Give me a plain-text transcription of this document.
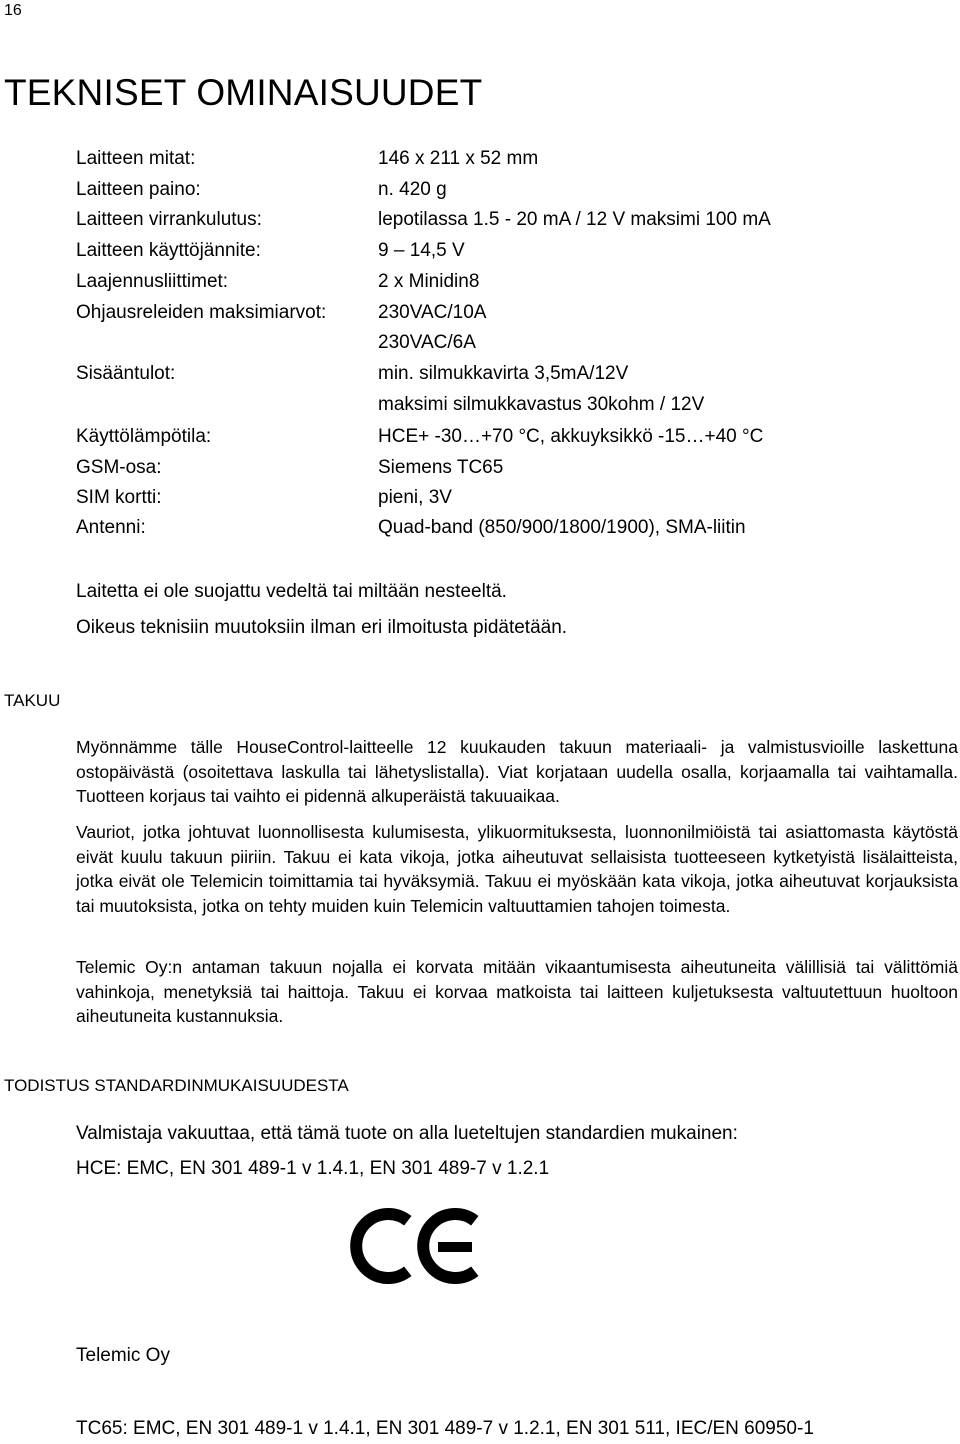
16
TEKNISET OMINAISUUDET
Laitteen mitat:	146 x 211 x 52 mm
Laitteen paino:	n. 420 g
Laitteen virrankulutus:	lepotilassa 1.5 - 20 mA / 12 V maksimi 100 mA
Laitteen käyttöjännite:	9 – 14,5 V
Laajennusliittimet:	2 x Minidin8
Ohjausreleiden maksimiarvot:	230VAC/10A
230VAC/6A
Sisääntulot:	min. silmukkavirta 3,5mA/12V
maksimi silmukkavastus 30kohm / 12V
Käyttölämpötila:	HCE+ -30…+70 °C, akkuyksikkö -15…+40 °C
GSM-osa:	Siemens TC65
SIM kortti:	pieni, 3V
Antenni:	Quad-band (850/900/1800/1900), SMA-liitin

Laitetta ei ole suojattu vedeltä tai miltään nesteeltä.

Oikeus teknisiin muutoksiin ilman eri ilmoitusta pidätetään.

TAKUU

Myönnämme tälle HouseControl-laitteelle 12 kuukauden takuun materiaali- ja valmistusvioille laskettuna ostopäivästä (osoitettava laskulla tai lähetyslistalla). Viat korjataan uudella osalla, korjaamalla tai vaihtamalla. Tuotteen korjaus tai vaihto ei pidennä alkuperäistä takuuaikaa.

Vauriot, jotka johtuvat luonnollisesta kulumisesta, ylikuormituksesta, luonnonilmiöistä tai asiattomasta käytöstä eivät kuulu takuun piiriin. Takuu ei kata vikoja, jotka aiheutuvat sellaisista tuotteeseen kytketyistä lisälaitteista, jotka eivät ole Telemicin toimittamia tai hyväksymiä. Takuu ei myöskään kata vikoja, jotka aiheutuvat korjauksista tai muutoksista, jotka on tehty muiden kuin Telemicin valtuuttamien tahojen toimesta.

Telemic Oy:n antaman takuun nojalla ei korvata mitään vikaantumisesta aiheutuneita välillisiä tai välittömiä vahinkoja, menetyksiä tai haittoja. Takuu ei korvaa matkoista tai laitteen kuljetuksesta valtuutettuun huoltoon aiheutuneita kustannuksia.

TODISTUS STANDARDINMUKAISUUDESTA

Valmistaja vakuuttaa, että tämä tuote on alla lueteltujen standardien mukainen:

HCE: EMC, EN 301 489-1 v 1.4.1, EN 301 489-7 v 1.2.1

Telemic Oy

TC65: EMC, EN 301 489-1 v 1.4.1, EN 301 489-7 v 1.2.1, EN 301 511, IEC/EN 60950-1
